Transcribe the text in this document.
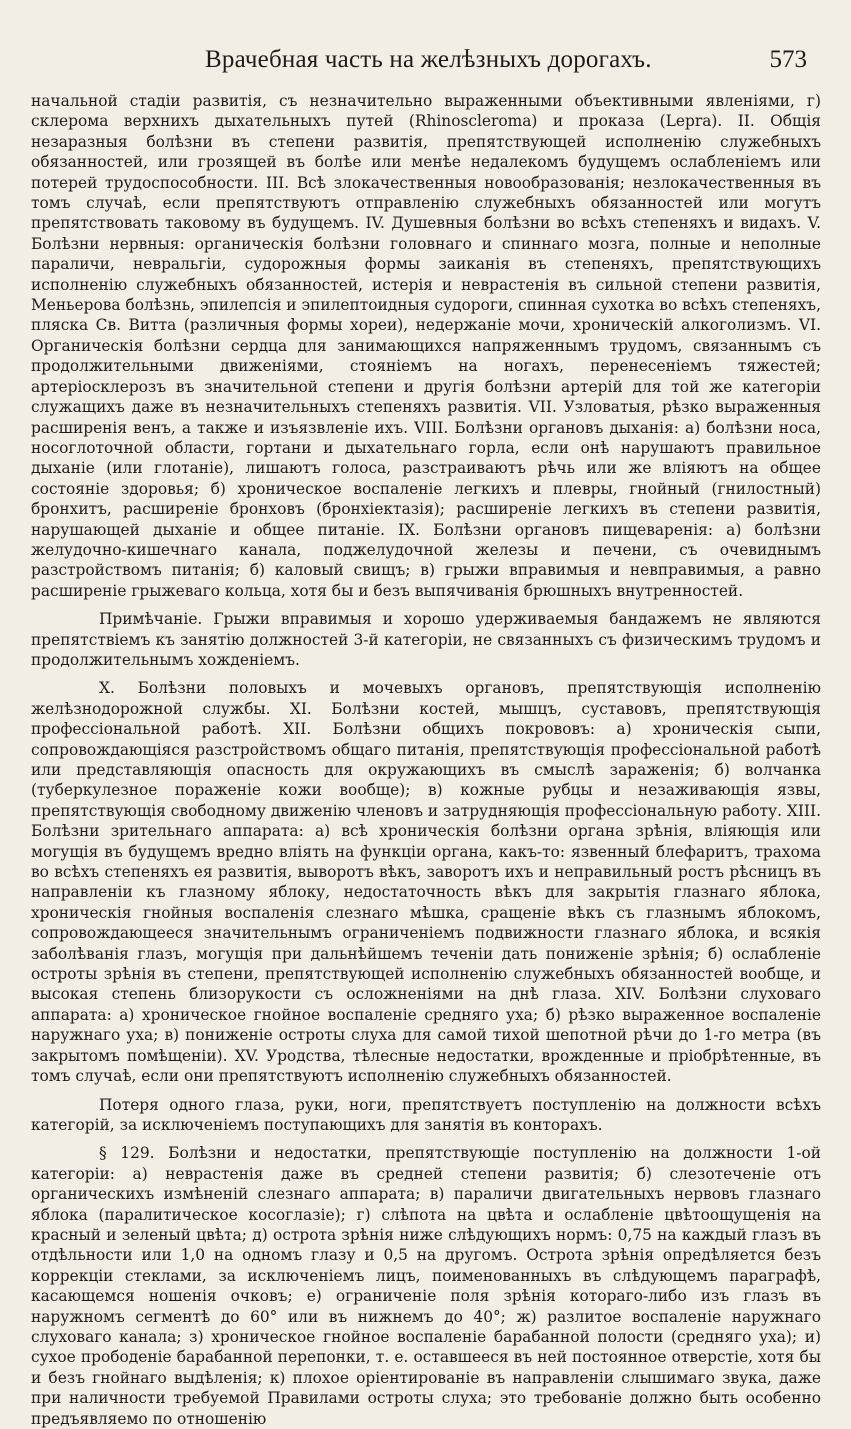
Врачебная часть на желѣзныхъ дорогахъ.	573

начальной стадіи развитія, съ незначительно выраженными объективными явленіями, г) склерома верхнихъ дыхательныхъ путей (Rhinoscleroma) и проказа (Lepra). II. Общія незаразныя болѣзни въ степени развитія, препятствующей исполненію служебныхъ обязанностей, или грозящей въ болѣе или менѣе недалекомъ будущемъ ослабленіемъ или потерей трудоспособности. III. Всѣ злокачественныя новообразованія; незлокачественныя въ томъ случаѣ, если препятствуютъ отправленію служебныхъ обязанностей или могутъ препятствовать таковому въ будущемъ. IV. Душевныя болѣзни во всѣхъ степеняхъ и видахъ. V. Болѣзни нервныя: органическія болѣзни головнаго и спиннаго мозга, полные и неполные параличи, невральгіи, судорожныя формы заиканія въ степеняхъ, препятствующихъ исполненію служебныхъ обязанностей, истерія и неврастенія въ сильной степени развитія, Меньерова болѣзнь, эпилепсія и эпилептоидныя судороги, спинная сухотка во всѣхъ степеняхъ, пляска Св. Витта (различныя формы хореи), недержаніе мочи, хроническій алкоголизмъ. VI. Органическія болѣзни сердца для занимающихся напряженнымъ трудомъ, связаннымъ съ продолжительными движеніями, стояніемъ на ногахъ, перенесеніемъ тяжестей; артеріосклерозъ въ значительной степени и другія болѣзни артерій для той же категоріи служащихъ даже въ незначительныхъ степеняхъ развитія. VII. Узловатыя, рѣзко выраженныя расширенія венъ, а также и изъязвленіе ихъ. VIII. Болѣзни органовъ дыханія: а) болѣзни носа, носоглоточной области, гортани и дыхательнаго горла, если онѣ нарушаютъ правильное дыханіе (или глотаніе), лишаютъ голоса, разстраиваютъ рѣчь или же вліяютъ на общее состояніе здоровья; б) хроническое воспаленіе легкихъ и плевры, гнойный (гнилостный) бронхитъ, расширеніе бронховъ (бронхіектазія); расширеніе легкихъ въ степени развитія, нарушающей дыханіе и общее питаніе. IX. Болѣзни органовъ пищеваренія: а) болѣзни желудочно-кишечнаго канала, поджелудочной железы и печени, съ очевиднымъ разстройствомъ питанія; б) каловый свищъ; в) грыжи вправимыя и невправимыя, а равно расширеніе грыжеваго кольца, хотя бы и безъ выпячиванія брюшныхъ внутренностей.

Примѣчаніе. Грыжи вправимыя и хорошо удерживаемыя бандажемъ не являются препятствіемъ къ занятію должностей 3-й категоріи, не связанныхъ съ физическимъ трудомъ и продолжительнымъ хожденіемъ.

X. Болѣзни половыхъ и мочевыхъ органовъ, препятствующія исполненію желѣзнодорожной службы. XI. Болѣзни костей, мышцъ, суставовъ, препятствующія профессіональной работѣ. XII. Болѣзни общихъ покрововъ: а) хроническія сыпи, сопровождающіяся разстройствомъ общаго питанія, препятствующія профессіональной работѣ или представляющія опасность для окружающихъ въ смыслѣ зараженія; б) волчанка (туберкулезное пораженіе кожи вообще); в) кожные рубцы и незаживающія язвы, препятствующія свободному движенію членовъ и затрудняющія профессіональную работу. XIII. Болѣзни зрительнаго аппарата: а) всѣ хроническія болѣзни органа зрѣнія, вліяющія или могущія въ будущемъ вредно вліять на функціи органа, какъ-то: язвенный блефаритъ, трахома во всѣхъ степеняхъ ея развитія, выворотъ вѣкъ, заворотъ ихъ и неправильный ростъ рѣсницъ въ направленіи къ глазному яблоку, недостаточность вѣкъ для закрытія глазнаго яблока, хроническія гнойныя воспаленія слезнаго мѣшка, сращеніе вѣкъ съ глазнымъ яблокомъ, сопровождающееся значительнымъ ограниченіемъ подвижности глазнаго яблока, и всякія заболѣванія глазъ, могущія при дальнѣйшемъ теченіи дать пониженіе зрѣнія; б) ослабленіе остроты зрѣнія въ степени, препятствующей исполненію служебныхъ обязанностей вообще, и высокая степень близорукости съ осложненіями на днѣ глаза. XIV. Болѣзни слуховаго аппарата: а) хроническое гнойное воспаленіе средняго уха; б) рѣзко выраженное воспаленіе наружнаго уха; в) пониженіе остроты слуха для самой тихой шепотной рѣчи до 1-го метра (въ закрытомъ помѣщеніи). XV. Уродства, тѣлесные недостатки, врожденные и пріобрѣтенные, въ томъ случаѣ, если они препятствуютъ исполненію служебныхъ обязанностей.

Потеря одного глаза, руки, ноги, препятствуетъ поступленію на должности всѣхъ категорій, за исключеніемъ поступающихъ для занятія въ конторахъ.

§ 129. Болѣзни и недостатки, препятствующіе поступленію на должности 1-ой категоріи: а) неврастенія даже въ средней степени развитія; б) слезотеченіе отъ органическихъ измѣненій слезнаго аппарата; в) параличи двигательныхъ нервовъ глазнаго яблока (паралитическое косоглазіе); г) слѣпота на цвѣта и ослабленіе цвѣтоощущенія на красный и зеленый цвѣта; д) острота зрѣнія ниже слѣдующихъ нормъ: 0,75 на каждый глазъ въ отдѣльности или 1,0 на одномъ глазу и 0,5 на другомъ. Острота зрѣнія опредѣляется безъ коррекціи стеклами, за исключеніемъ лицъ, поименованныхъ въ слѣдующемъ параграфѣ, касающемся ношенія очковъ; е) ограниченіе поля зрѣнія котораго-либо изъ глазъ въ наружномъ сегментѣ до 60° или въ нижнемъ до 40°; ж) разлитое воспаленіе наружнаго слуховаго канала; з) хроническое гнойное воспаленіе барабанной полости (средняго уха); и) сухое прободеніе барабанной перепонки, т. е. оставшееся въ ней постоянное отверстіе, хотя бы и безъ гнойнаго выдѣленія; к) плохое оріентированіе въ направленіи слышимаго звука, даже при наличности требуемой Правилами остроты слуха; это требованіе должно быть особенно предъявляемо по отношенію
